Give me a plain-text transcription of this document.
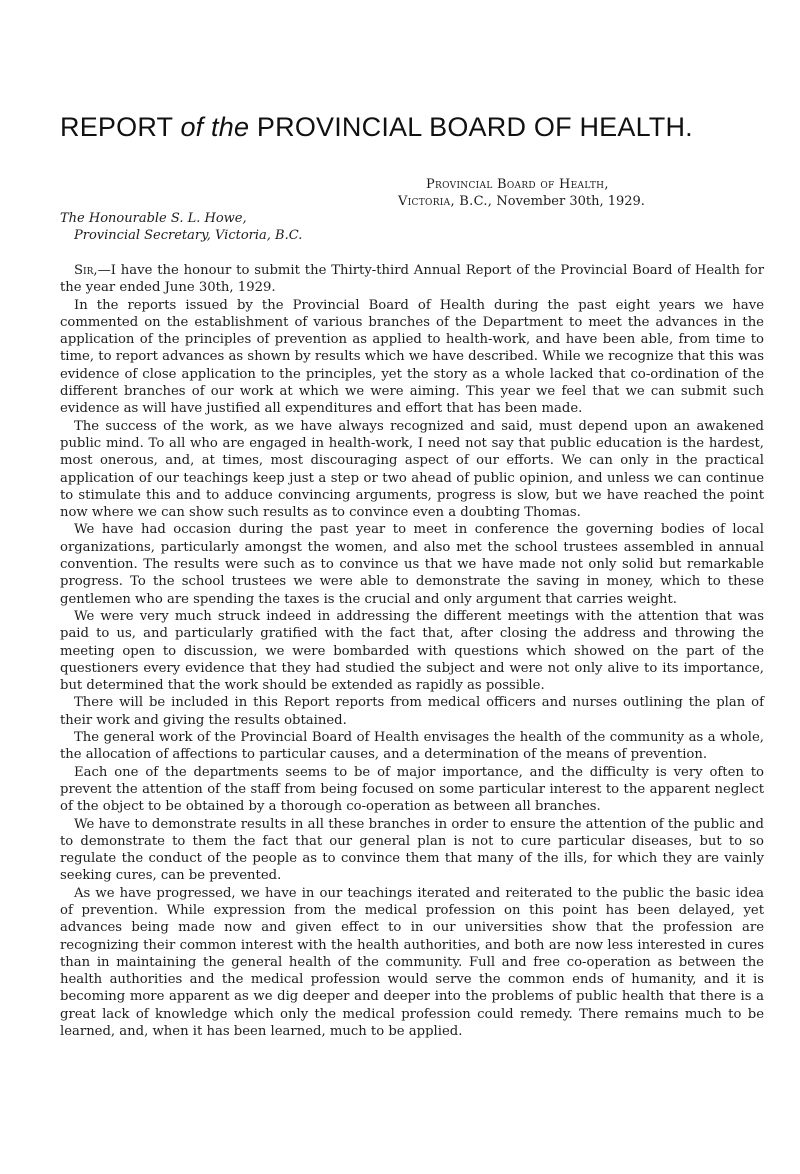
REPORT of the PROVINCIAL BOARD OF HEALTH.
Provincial Board of Health,
Victoria, B.C., November 30th, 1929.
The Honourable S. L. Howe,
Provincial Secretary, Victoria, B.C.

Sir,—I have the honour to submit the Thirty-third Annual Report of the Provincial Board of Health for the year ended June 30th, 1929.

In the reports issued by the Provincial Board of Health during the past eight years we have commented on the establishment of various branches of the Department to meet the advances in the application of the principles of prevention as applied to health-work, and have been able, from time to time, to report advances as shown by results which we have described. While we recognize that this was evidence of close application to the principles, yet the story as a whole lacked that co-ordination of the different branches of our work at which we were aiming. This year we feel that we can submit such evidence as will have justified all expenditures and effort that has been made.

The success of the work, as we have always recognized and said, must depend upon an awakened public mind. To all who are engaged in health-work, I need not say that public education is the hardest, most onerous, and, at times, most discouraging aspect of our efforts. We can only in the practical application of our teachings keep just a step or two ahead of public opinion, and unless we can continue to stimulate this and to adduce convincing arguments, progress is slow, but we have reached the point now where we can show such results as to convince even a doubting Thomas.

We have had occasion during the past year to meet in conference the governing bodies of local organizations, particularly amongst the women, and also met the school trustees assembled in annual convention. The results were such as to convince us that we have made not only solid but remarkable progress. To the school trustees we were able to demonstrate the saving in money, which to these gentlemen who are spending the taxes is the crucial and only argument that carries weight.

We were very much struck indeed in addressing the different meetings with the attention that was paid to us, and particularly gratified with the fact that, after closing the address and throwing the meeting open to discussion, we were bombarded with questions which showed on the part of the questioners every evidence that they had studied the subject and were not only alive to its importance, but determined that the work should be extended as rapidly as possible.

There will be included in this Report reports from medical officers and nurses outlining the plan of their work and giving the results obtained.

The general work of the Provincial Board of Health envisages the health of the community as a whole, the allocation of affections to particular causes, and a determination of the means of prevention.

Each one of the departments seems to be of major importance, and the difficulty is very often to prevent the attention of the staff from being focused on some particular interest to the apparent neglect of the object to be obtained by a thorough co-operation as between all branches.

We have to demonstrate results in all these branches in order to ensure the attention of the public and to demonstrate to them the fact that our general plan is not to cure particular diseases, but to so regulate the conduct of the people as to convince them that many of the ills, for which they are vainly seeking cures, can be prevented.

As we have progressed, we have in our teachings iterated and reiterated to the public the basic idea of prevention. While expression from the medical profession on this point has been delayed, yet advances being made now and given effect to in our universities show that the profession are recognizing their common interest with the health authorities, and both are now less interested in cures than in maintaining the general health of the community. Full and free co-operation as between the health authorities and the medical profession would serve the common ends of humanity, and it is becoming more apparent as we dig deeper and deeper into the problems of public health that there is a great lack of knowledge which only the medical profession could remedy. There remains much to be learned, and, when it has been learned, much to be applied.
